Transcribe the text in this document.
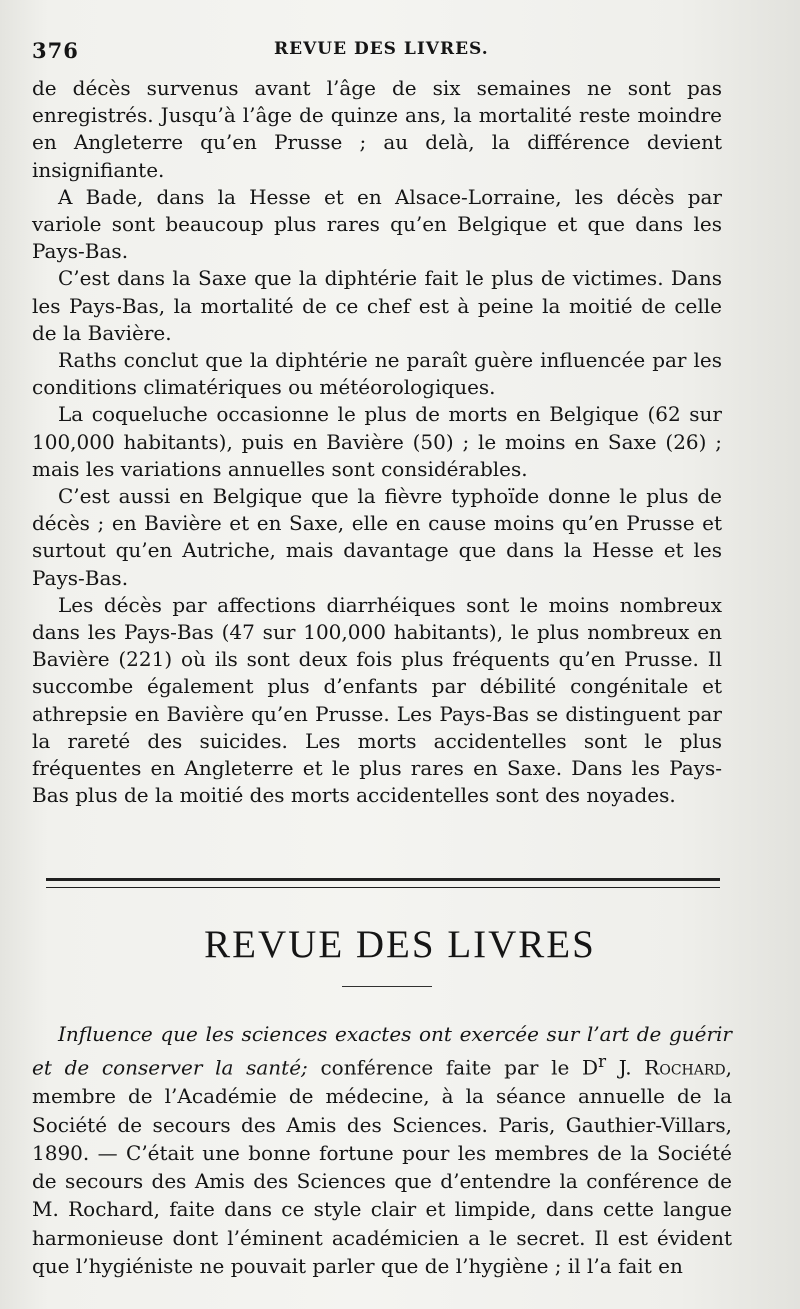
376	REVUE DES LIVRES.

de décès survenus avant l’âge de six semaines ne sont pas enregistrés. Jusqu’à l’âge de quinze ans, la mortalité reste moindre en Angleterre qu’en Prusse ; au delà, la différence devient insignifiante.

A Bade, dans la Hesse et en Alsace-Lorraine, les décès par variole sont beaucoup plus rares qu’en Belgique et que dans les Pays-Bas.

C’est dans la Saxe que la diphtérie fait le plus de victimes. Dans les Pays-Bas, la mortalité de ce chef est à peine la moitié de celle de la Bavière.

Raths conclut que la diphtérie ne paraît guère influencée par les conditions climatériques ou météorologiques.

La coqueluche occasionne le plus de morts en Belgique (62 sur 100,000 habitants), puis en Bavière (50) ; le moins en Saxe (26) ; mais les variations annuelles sont considérables.

C’est aussi en Belgique que la fièvre typhoïde donne le plus de décès ; en Bavière et en Saxe, elle en cause moins qu’en Prusse et surtout qu’en Autriche, mais davantage que dans la Hesse et les Pays-Bas.

Les décès par affections diarrhéiques sont le moins nombreux dans les Pays-Bas (47 sur 100,000 habitants), le plus nombreux en Bavière (221) où ils sont deux fois plus fréquents qu’en Prusse. Il succombe également plus d’enfants par débilité congénitale et athrepsie en Bavière qu’en Prusse. Les Pays-Bas se distinguent par la rareté des suicides. Les morts accidentelles sont le plus fréquentes en Angleterre et le plus rares en Saxe. Dans les Pays-Bas plus de la moitié des morts accidentelles sont des noyades.

REVUE DES LIVRES

Influence que les sciences exactes ont exercée sur l’art de guérir et de conserver la santé; conférence faite par le $D^r$ J. Rochard, membre de l’Académie de médecine, à la séance annuelle de la Société de secours des Amis des Sciences. Paris, Gauthier-Villars, 1890. — C’était une bonne fortune pour les membres de la Société de secours des Amis des Sciences que d’entendre la conférence de M. Rochard, faite dans ce style clair et limpide, dans cette langue harmonieuse dont l’éminent académicien a le secret. Il est évident que l’hygiéniste ne pouvait parler que de l’hygiène ; il l’a fait en
